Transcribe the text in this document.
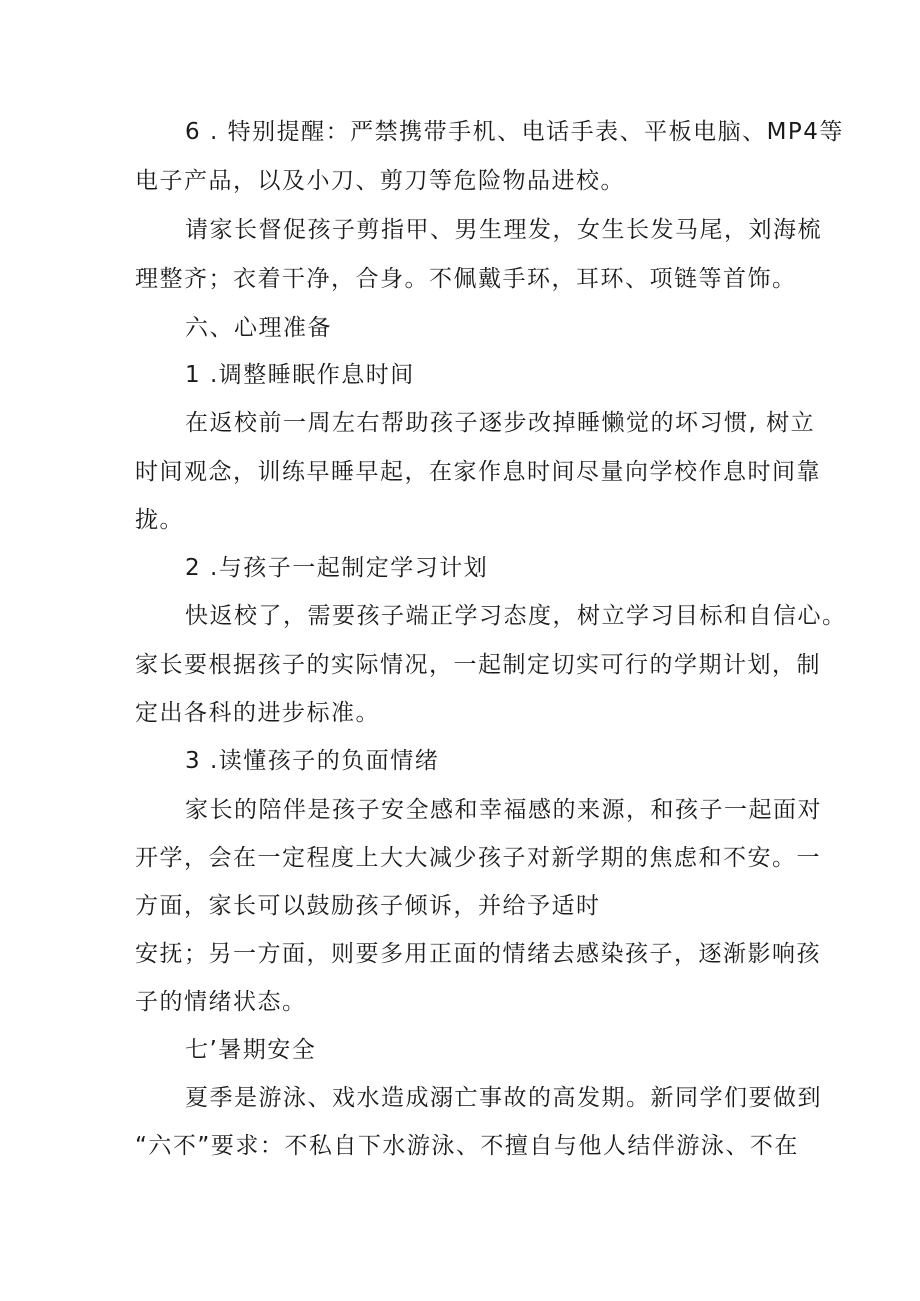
6 . 特别提醒：严禁携带手机、电话手表、平板电脑、MP4等

电子产品，以及小刀、剪刀等危险物品进校。

请家长督促孩子剪指甲、男生理发，女生长发马尾，刘海梳

理整齐；衣着干净，合身。不佩戴手环，耳环、项链等首饰。

六、心理准备

1 .调整睡眠作息时间

在返校前一周左右帮助孩子逐步改掉睡懒觉的坏习惯, 树立

时间观念，训练早睡早起，在家作息时间尽量向学校作息时间靠

拢。

2 .与孩子一起制定学习计划

快返校了，需要孩子端正学习态度，树立学习目标和自信心。

家长要根据孩子的实际情况，一起制定切实可行的学期计划，制

定出各科的进步标准。

3 .读懂孩子的负面情绪

家长的陪伴是孩子安全感和幸福感的来源，和孩子一起面对

开学，会在一定程度上大大减少孩子对新学期的焦虑和不安。一

方面，家长可以鼓励孩子倾诉，并给予适时

安抚；另一方面，则要多用正面的情绪去感染孩子，逐渐影响孩

子的情绪状态。

七’暑期安全

夏季是游泳、戏水造成溺亡事故的高发期。新同学们要做到

“六不”要求：不私自下水游泳、不擅自与他人结伴游泳、不在
